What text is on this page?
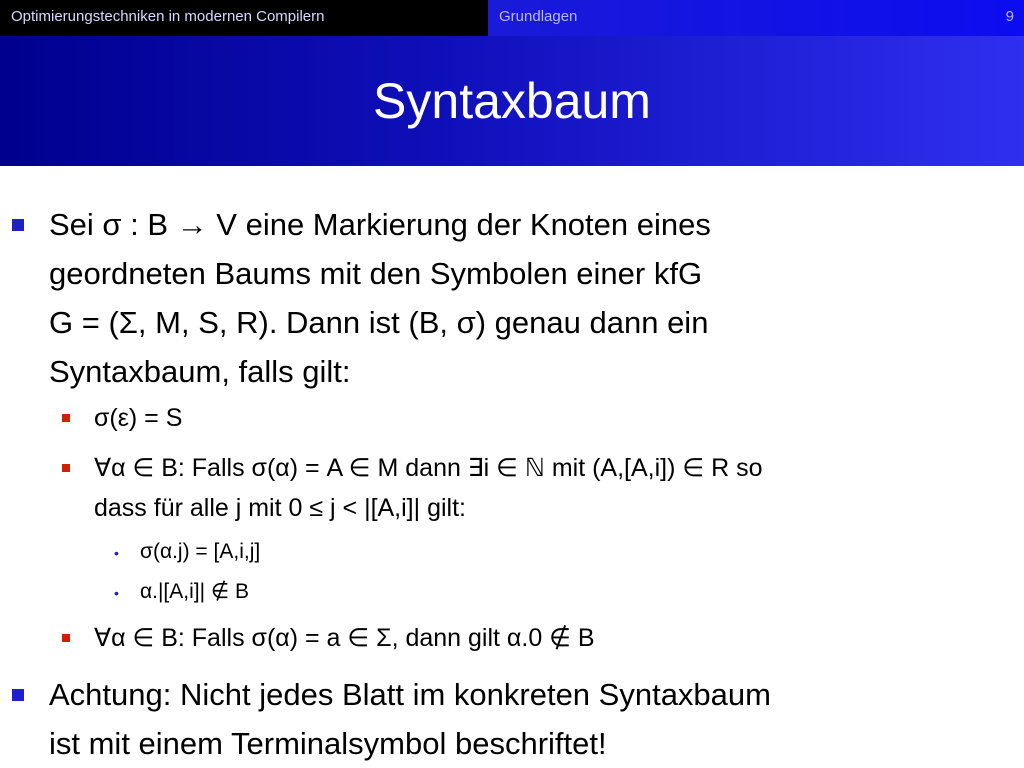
Optimierungstechniken in modernen Compilern	Grundlagen	9
Syntaxbaum
Sei σ : B → V eine Markierung der Knoten eines
geordneten Baums mit den Symbolen einer kfG
G = (Σ, M, S, R). Dann ist (B, σ) genau dann ein
Syntaxbaum, falls gilt:
σ(ε) = S
∀α ∈ B: Falls σ(α) = A ∈ M dann ∃i ∈ ℕ mit (A,[A,i]) ∈ R so
dass für alle j mit 0 ≤ j < |[A,i]| gilt:
• σ(α.j) = [A,i,j]
• α.|[A,i]| ∉ B
∀α ∈ B: Falls σ(α) = a ∈ Σ, dann gilt α.0 ∉ B
Achtung: Nicht jedes Blatt im konkreten Syntaxbaum
ist mit einem Terminalsymbol beschriftet!
